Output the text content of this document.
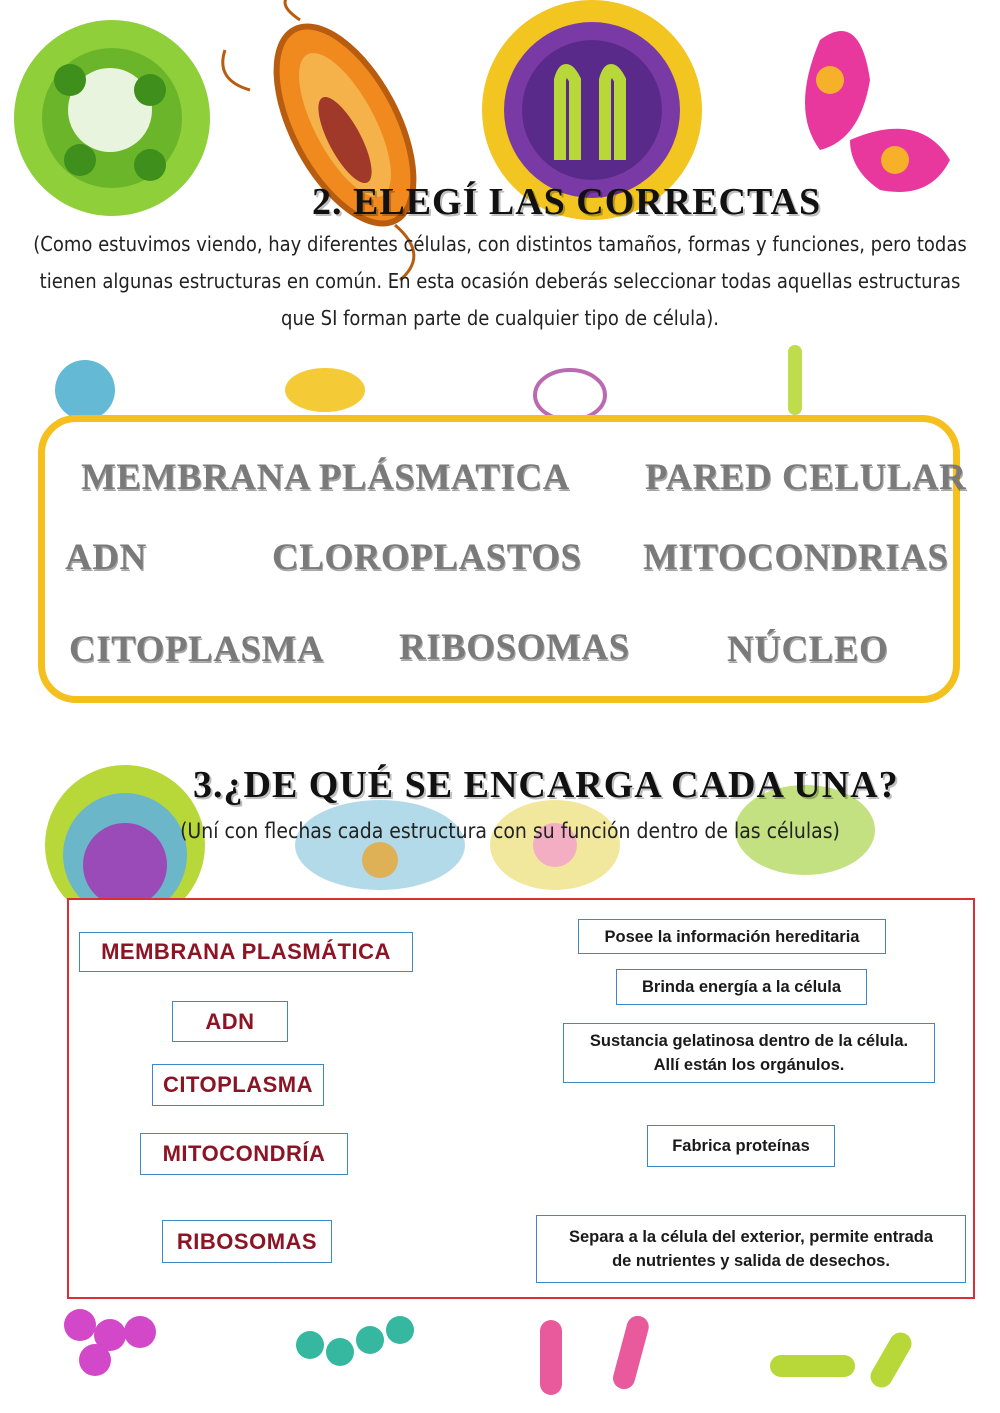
2. ELEGÍ LAS CORRECTAS

(Como estuvimos viendo, hay diferentes células, con distintos tamaños, formas y funciones, pero todas tienen algunas estructuras en común. En esta ocasión deberás seleccionar todas aquellas estructuras que SI forman parte de cualquier tipo de célula).

MEMBRANA PLÁSMATICA PARED CELULAR
ADN	CLOROPLASTOS MITOCONDRIAS
CITOPLASMA RIBOSOMAS	NÚCLEO
3.¿DE QUÉ SE ENCARGA CADA UNA?

(Uní con flechas cada estructura con su función dentro de las células)

MEMBRANA PLASMÁTICA
ADN
CITOPLASMA
MITOCONDRÍA
RIBOSOMAS
Posee la información hereditaria
Brinda energía a la célula
Sustancia gelatinosa dentro de la célula.
Allí están los orgánulos.
Fabrica proteínas
Separa a la célula del exterior, permite entrada
de nutrientes y salida de desechos.
